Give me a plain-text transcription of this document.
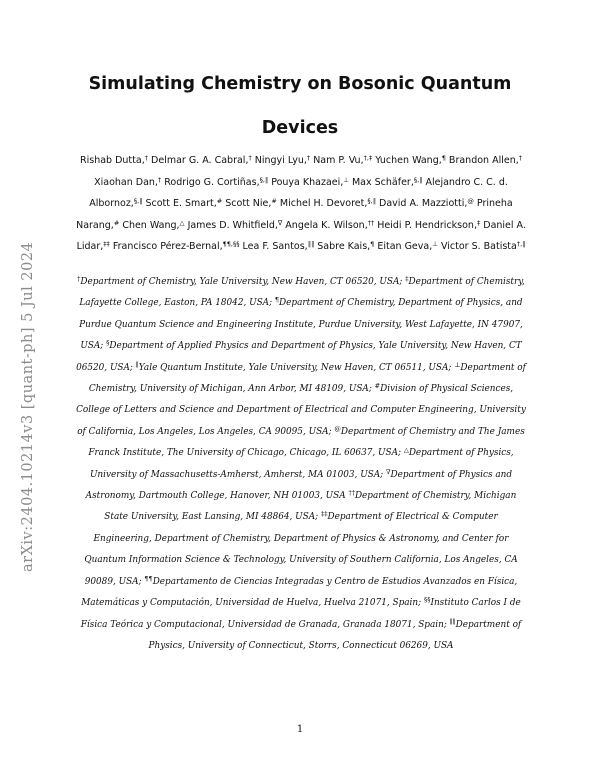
arXiv:2404.10214v3 [quant-ph] 5 Jul 2024
Simulating Chemistry on Bosonic Quantum Devices

Rishab Dutta,† Delmar G. A. Cabral,† Ningyi Lyu,† Nam P. Vu,†,‡ Yuchen Wang,¶ Brandon Allen,† Xiaohan Dan,† Rodrigo G. Cortiñas,§,∥ Pouya Khazaei,⊥ Max Schäfer,§,∥ Alejandro C. C. d. Albornoz,§,∥ Scott E. Smart,# Scott Nie,# Michel H. Devoret,§,∥ David A. Mazziotti,@ Prineha Narang,# Chen Wang,△ James D. Whitfield,∇ Angela K. Wilson,†† Heidi P. Hendrickson,‡ Daniel A. Lidar,‡‡ Francisco Pérez-Bernal,¶¶,§§ Lea F. Santos,∥∥ Sabre Kais,¶ Eitan Geva,⊥ Victor S. Batista†,∥

†Department of Chemistry, Yale University, New Haven, CT 06520, USA; ‡Department of Chemistry, Lafayette College, Easton, PA 18042, USA; ¶Department of Chemistry, Department of Physics, and Purdue Quantum Science and Engineering Institute, Purdue University, West Lafayette, IN 47907, USA; §Department of Applied Physics and Department of Physics, Yale University, New Haven, CT 06520, USA; ∥Yale Quantum Institute, Yale University, New Haven, CT 06511, USA; ⊥Department of Chemistry, University of Michigan, Ann Arbor, MI 48109, USA; #Division of Physical Sciences, College of Letters and Science and Department of Electrical and Computer Engineering, University of California, Los Angeles, Los Angeles, CA 90095, USA; @Department of Chemistry and The James Franck Institute, The University of Chicago, Chicago, IL 60637, USA; △Department of Physics, University of Massachusetts-Amherst, Amherst, MA 01003, USA; ∇Department of Physics and Astronomy, Dartmouth College, Hanover, NH 01003, USA ††Department of Chemistry, Michigan State University, East Lansing, MI 48864, USA; ‡‡Department of Electrical & Computer Engineering, Department of Chemistry, Department of Physics & Astronomy, and Center for Quantum Information Science & Technology, University of Southern California, Los Angeles, CA 90089, USA; ¶¶Departamento de Ciencias Integradas y Centro de Estudios Avanzados en Física, Matemáticas y Computación, Universidad de Huelva, Huelva 21071, Spain; §§Instituto Carlos I de Física Teórica y Computacional, Universidad de Granada, Granada 18071, Spain; ∥∥Department of Physics, University of Connecticut, Storrs, Connecticut 06269, USA

1
